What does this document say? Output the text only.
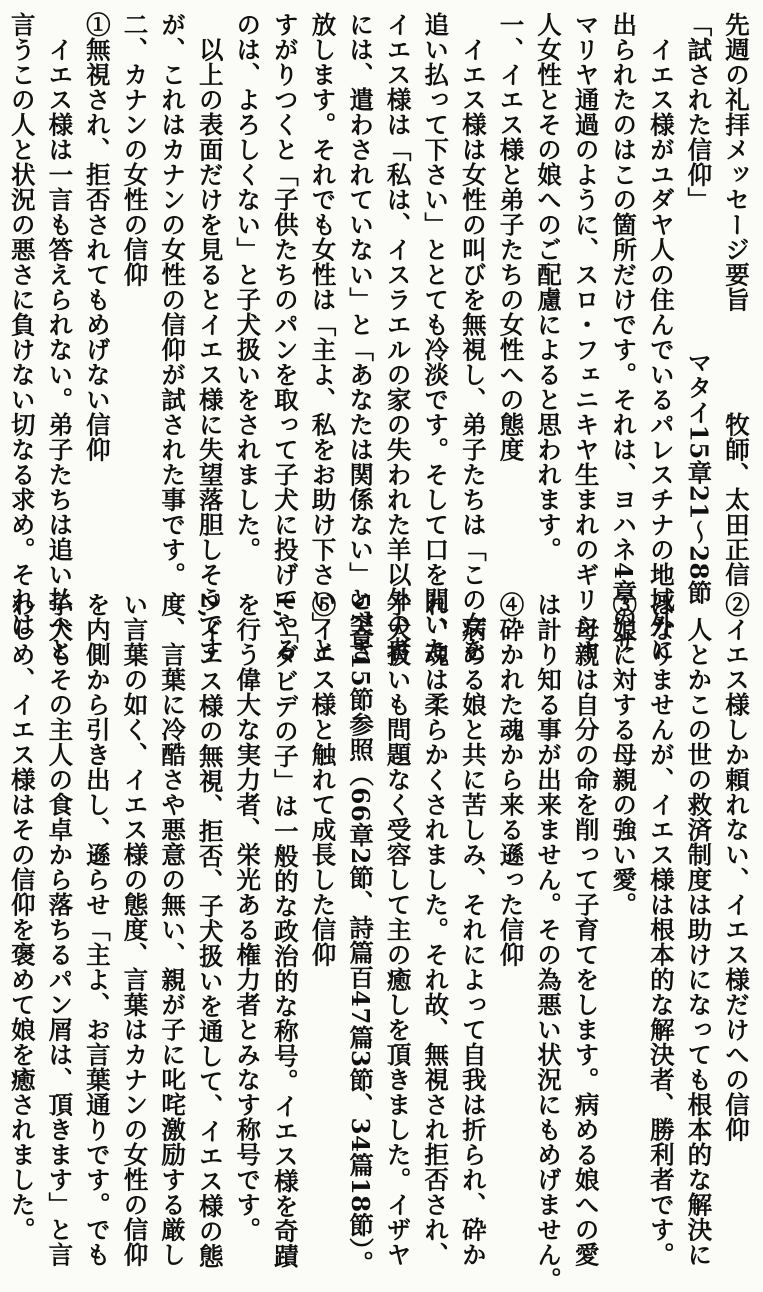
先週の礼拝メッセージ要旨　　　　牧師、太田正信
「試された信仰」　　　　　　マタイ15章21～28節
イエス様がユダヤ人の住んでいるパレスチナの地域外に
出られたのはこの箇所だけです。それは、ヨハネ4章のサ
マリヤ通過のように、スロ・フェニキヤ生まれのギリシャ
人女性とその娘へのご配慮によると思われます。
一、イエス様と弟子たちの女性への態度
イエス様は女性の叫びを無視し、弟子たちは「この女を
追い払って下さい」ととても冷淡です。そして口を開いた
イエス様は「私は、イスラエルの家の失われた羊以外の者
には、遣わされていない」と「あなたは関係ない」と突き
放します。それでも女性は「主よ、私をお助け下さい」と
すがりつくと「子供たちのパンを取って子犬に投げてやる
のは、よろしくない」と子犬扱いをされました。
以上の表面だけを見るとイエス様に失望落胆しそうです
が、これはカナンの女性の信仰が試された事です。
二、カナンの女性の信仰
①無視され、拒否されてもめげない信仰
イエス様は一言も答えられない。弟子たちは追い払へと
言うこの人と状況の悪さに負けない切なる求め。それは
②イエス様しか頼れない、イエス様だけへの信仰
人とかこの世の救済制度は助けになっても根本的な解決に
はなりませんが、イエス様は根本的な解決者、勝利者です。
③娘に対する母親の強い愛。
母親は自分の命を削って子育てをします。病める娘への愛
は計り知る事が出来ません。その為悪い状況にもめげません。
④砕かれた魂から来る遜った信仰
病める娘と共に苦しみ、それによって自我は折られ、砕か
れ、魂は柔らかくされました。それ故、無視され拒否され、
子犬扱いも問題なく受容して主の癒しを頂きました。イザヤ
57章15節参照（66章2節、詩篇百47篇3節、34篇18節）。
⑤イエス様と触れて成長した信仰
1,「ダビデの子」は一般的な政治的な称号。イエス様を奇蹟
を行う偉大な実力者、栄光ある権力者とみなす称号です。
2,イエス様の無視、拒否、子犬扱いを通して、イエス様の態
度、言葉に冷酷さや悪意の無い、親が子に叱咤激励する厳し
い言葉の如く、イエス様の態度、言葉はカナンの女性の信仰
を内側から引き出し、遜らせ「主よ、お言葉通りです。でも
子犬もその主人の食卓から落ちるパン屑は、頂きます」と言
わしめ、イエス様はその信仰を褒めて娘を癒されました。
